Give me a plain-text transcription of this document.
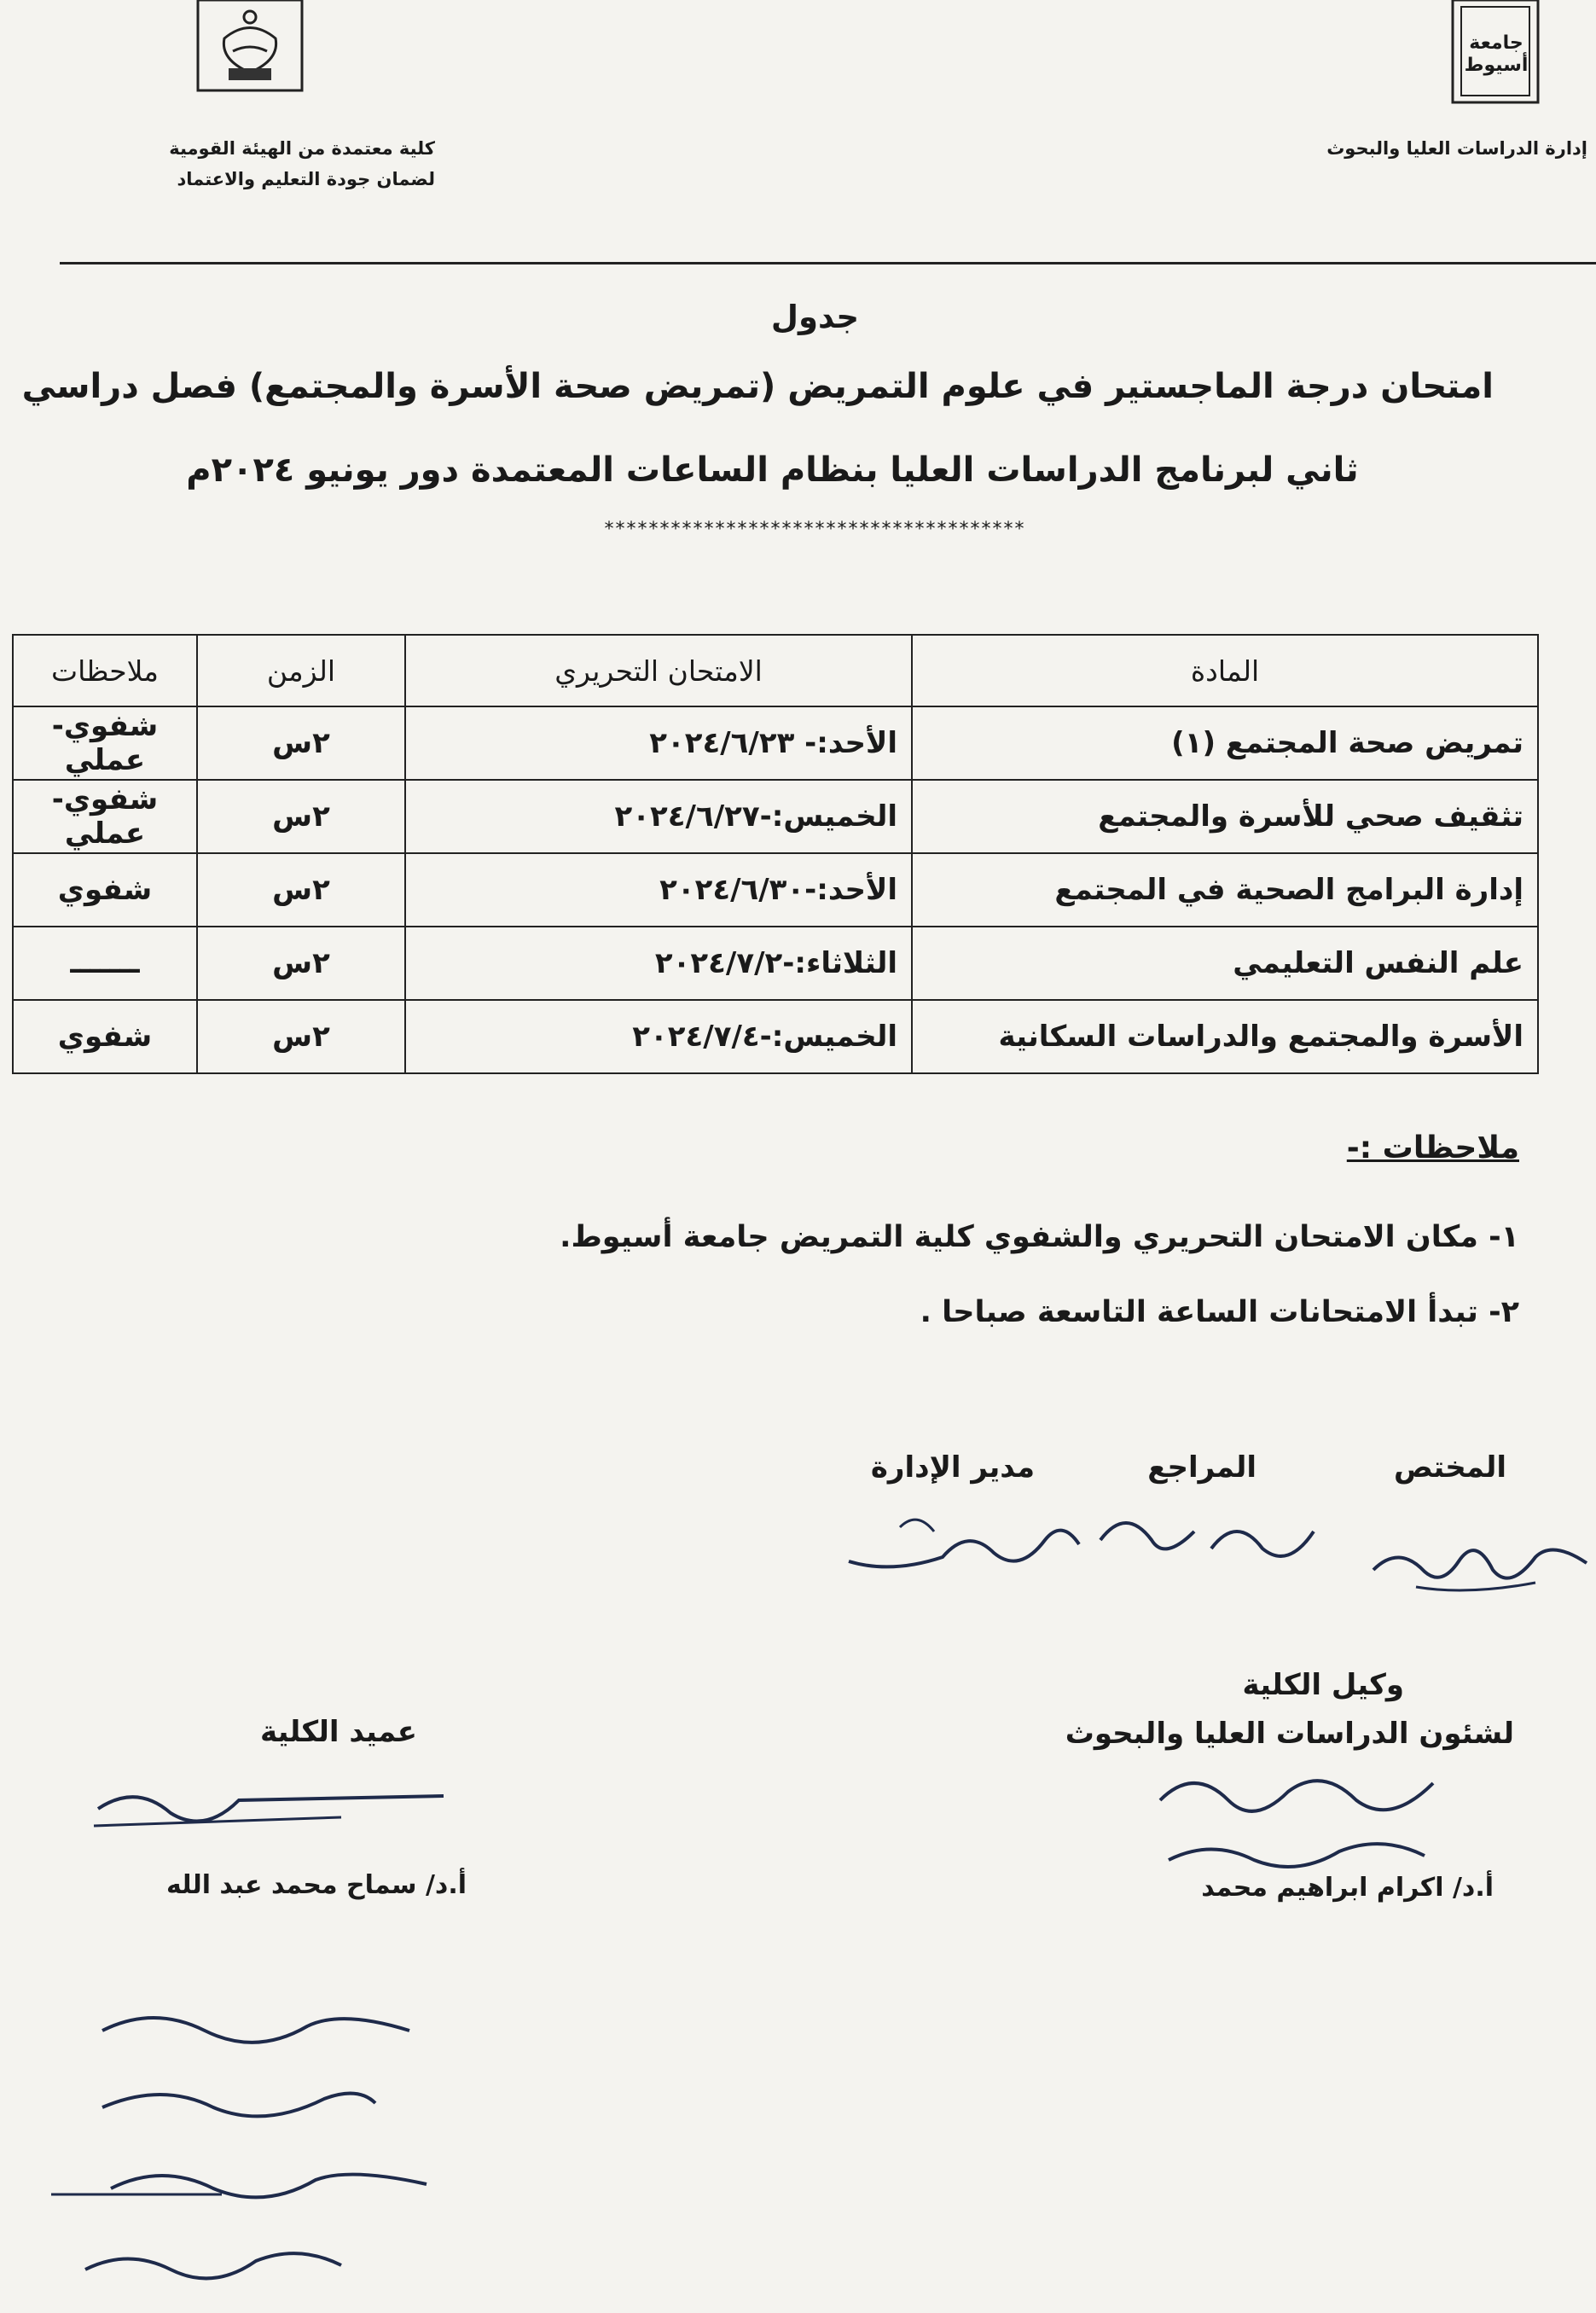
جامعة أسيوط
إدارة الدراسات العليا والبحوث
كلية معتمدة من الهيئة القومية
لضمان جودة التعليم والاعتماد
جدول
امتحان درجة الماجستير في علوم التمريض (تمريض صحة الأسرة والمجتمع) فصل دراسي
ثاني لبرنامج الدراسات العليا بنظام الساعات المعتمدة دور يونيو ٢٠٢٤م
**************************************
المادة	الامتحان التحريري	الزمن	ملاحظات
تمريض صحة المجتمع (١)	الأحد:- ٢٠٢٤/٦/٢٣	٢س	شفوي-عملي
تثقيف صحي للأسرة والمجتمع	الخميس:-٢٠٢٤/٦/٢٧	٢س	شفوي-عملي
إدارة البرامج الصحية في المجتمع	الأحد:-٢٠٢٤/٦/٣٠	٢س	شفوي
علم النفس التعليمي	الثلاثاء:-٢٠٢٤/٧/٢	٢س	ـــــــ
الأسرة والمجتمع والدراسات السكانية	الخميس:-٢٠٢٤/٧/٤	٢س	شفوي
ملاحظات :-
١- مكان الامتحان التحريري والشفوي كلية التمريض جامعة أسيوط.
٢- تبدأ الامتحانات الساعة التاسعة صباحا .
المختص
المراجع
مدير الإدارة
وكيل الكلية
لشئون الدراسات العليا والبحوث
أ.د/ اكرام ابراهيم محمد
عميد الكلية
أ.د/ سماح محمد عبد الله
